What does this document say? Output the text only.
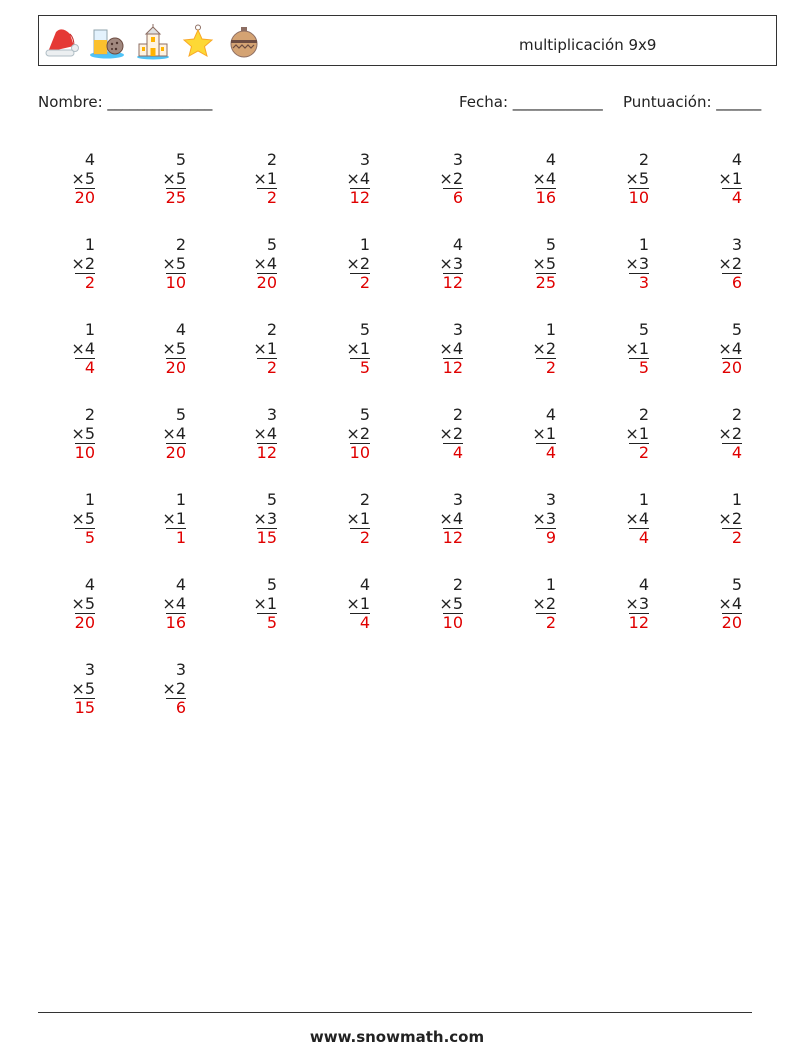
multiplicación 9x9
Nombre: ______________	Fecha: ____________ Puntuación: ______
4
×5
20
5
×5
25
2
×1
2
3
×4
12
3
×2
6
4
×4
16
2
×5
10
4
×1
4
1
×2
2
2
×5
10
5
×4
20
1
×2
2
4
×3
12
5
×5
25
1
×3
3
3
×2
6
1
×4
4
4
×5
20
2
×1
2
5
×1
5
3
×4
12
1
×2
2
5
×1
5
5
×4
20
2
×5
10
5
×4
20
3
×4
12
5
×2
10
2
×2
4
4
×1
4
2
×1
2
2
×2
4
1
×5
5
1
×1
1
5
×3
15
2
×1
2
3
×4
12
3
×3
9
1
×4
4
1
×2
2
4
×5
20
4
×4
16
5
×1
5
4
×1
4
2
×5
10
1
×2
2
4
×3
12
5
×4
20
3
×5
15
3
×2
6
www.snowmath.com
